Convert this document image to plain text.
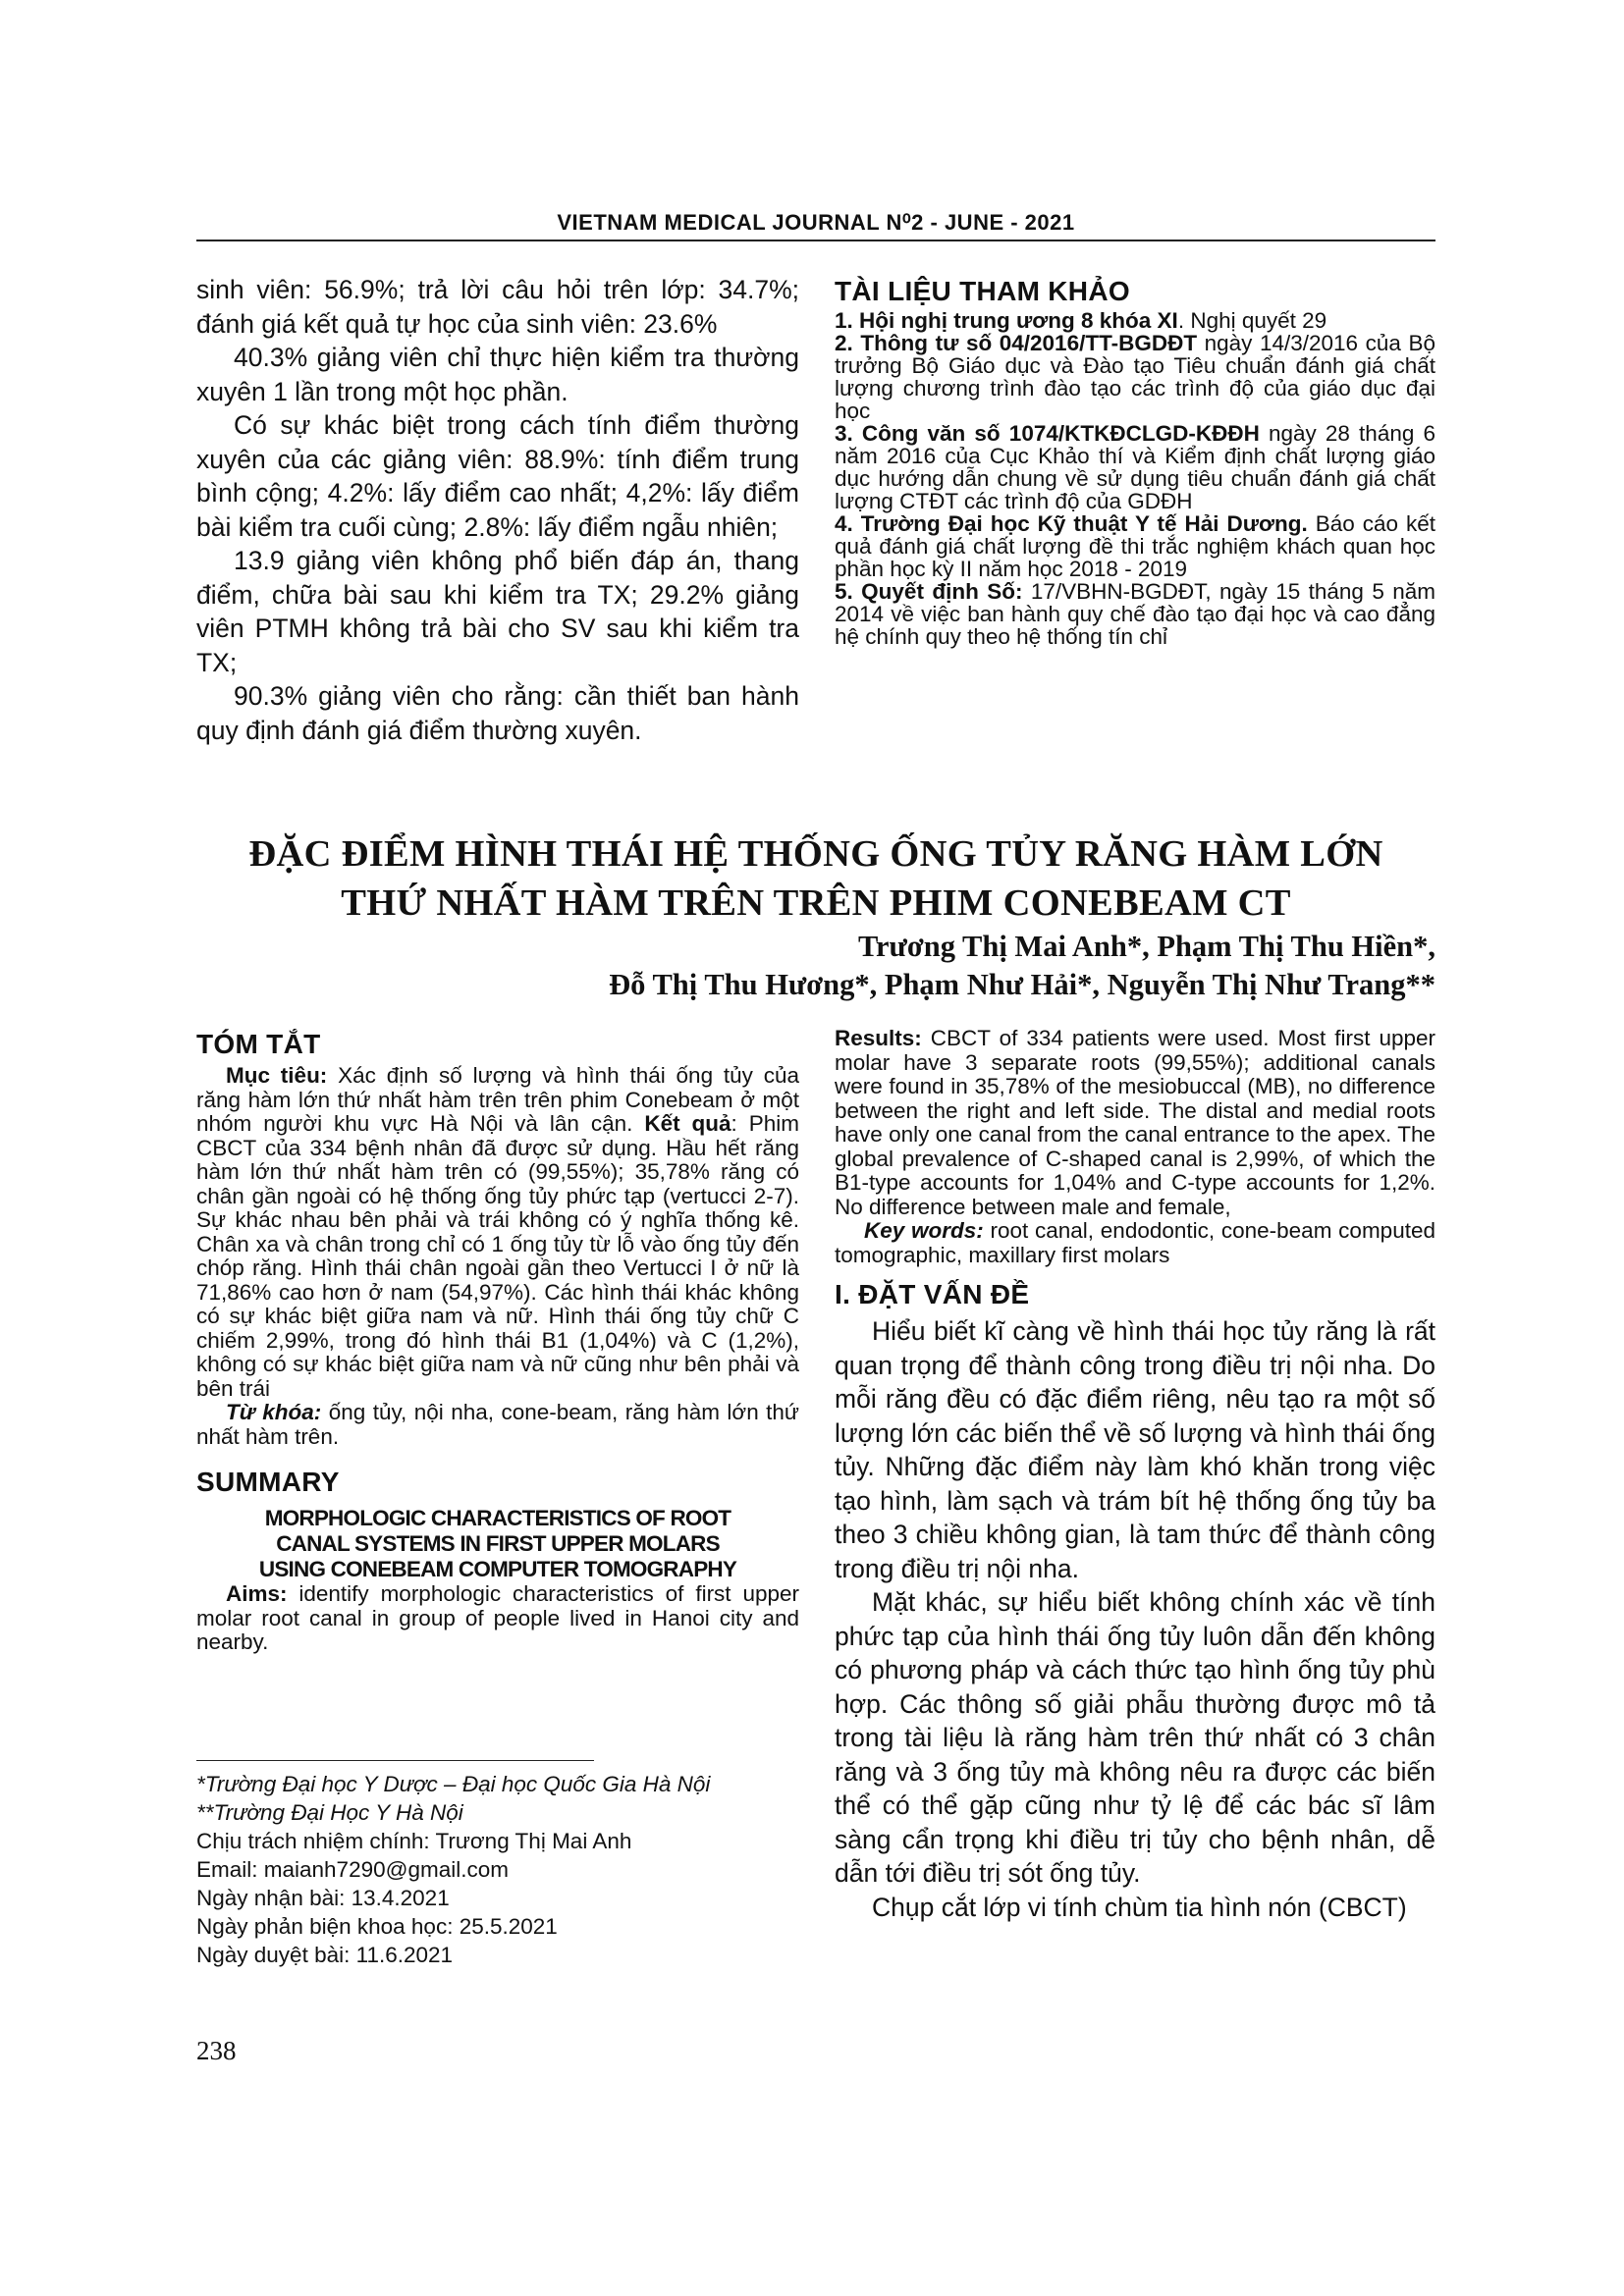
VIETNAM MEDICAL JOURNAL N⁰2 - JUNE - 2021

sinh viên: 56.9%; trả lời câu hỏi trên lớp: 34.7%; đánh giá kết quả tự học của sinh viên: 23.6%

40.3% giảng viên chỉ thực hiện kiểm tra thường xuyên 1 lần trong một học phần.

Có sự khác biệt trong cách tính điểm thường xuyên của các giảng viên: 88.9%: tính điểm trung bình cộng; 4.2%: lấy điểm cao nhất; 4,2%: lấy điểm bài kiểm tra cuối cùng; 2.8%: lấy điểm ngẫu nhiên;

13.9 giảng viên không phổ biến đáp án, thang điểm, chữa bài sau khi kiểm tra TX; 29.2% giảng viên PTMH không trả bài cho SV sau khi kiểm tra TX;

90.3% giảng viên cho rằng: cần thiết ban hành quy định đánh giá điểm thường xuyên.

TÀI LIỆU THAM KHẢO

1. Hội nghị trung ương 8 khóa XI. Nghị quyết 29
2. Thông tư số 04/2016/TT-BGDĐT ngày 14/3/2016 của Bộ trưởng Bộ Giáo dục và Đào tạo Tiêu chuẩn đánh giá chất lượng chương trình đào tạo các trình độ của giáo dục đại học
3. Công văn số 1074/KTKĐCLGD-KĐĐH ngày 28 tháng 6 năm 2016 của Cục Khảo thí và Kiểm định chất lượng giáo dục hướng dẫn chung về sử dụng tiêu chuẩn đánh giá chất lượng CTĐT các trình độ của GDĐH
4. Trường Đại học Kỹ thuật Y tế Hải Dương. Báo cáo kết quả đánh giá chất lượng đề thi trắc nghiệm khách quan học phần học kỳ II năm học 2018 - 2019
5. Quyết định Số: 17/VBHN-BGDĐT, ngày 15 tháng 5 năm 2014 về việc ban hành quy chế đào tạo đại học và cao đẳng hệ chính quy theo hệ thống tín chỉ
ĐẶC ĐIỂM HÌNH THÁI HỆ THỐNG ỐNG TỦY RĂNG HÀM LỚN
THỨ NHẤT HÀM TRÊN TRÊN PHIM CONEBEAM CT
Trương Thị Mai Anh*, Phạm Thị Thu Hiền*,
Đỗ Thị Thu Hương*, Phạm Như Hải*, Nguyễn Thị Như Trang**

TÓM TẮT

Mục tiêu: Xác định số lượng và hình thái ống tủy của răng hàm lớn thứ nhất hàm trên trên phim Conebeam ở một nhóm người khu vực Hà Nội và lân cận. Kết quả: Phim CBCT của 334 bệnh nhân đã được sử dụng. Hầu hết răng hàm lớn thứ nhất hàm trên có (99,55%); 35,78% răng có chân gần ngoài có hệ thống ống tủy phức tạp (vertucci 2-7). Sự khác nhau bên phải và trái không có ý nghĩa thống kê. Chân xa và chân trong chỉ có 1 ống tủy từ lỗ vào ống tủy đến chóp răng. Hình thái chân ngoài gần theo Vertucci I ở nữ là 71,86% cao hơn ở nam (54,97%). Các hình thái khác không có sự khác biệt giữa nam và nữ. Hình thái ống tủy chữ C chiếm 2,99%, trong đó hình thái B1 (1,04%) và C (1,2%), không có sự khác biệt giữa nam và nữ cũng như bên phải và bên trái

Từ khóa: ống tủy, nội nha, cone-beam, răng hàm lớn thứ nhất hàm trên.

SUMMARY

MORPHOLOGIC CHARACTERISTICS OF ROOT
CANAL SYSTEMS IN FIRST UPPER MOLARS
USING CONEBEAM COMPUTER TOMOGRAPHY

Aims: identify morphologic characteristics of first upper molar root canal in group of people lived in Hanoi city and nearby.

Results: CBCT of 334 patients were used. Most first upper molar have 3 separate roots (99,55%); additional canals were found in 35,78% of the mesiobuccal (MB), no difference between the right and left side. The distal and medial roots have only one canal from the canal entrance to the apex. The global prevalence of C-shaped canal is 2,99%, of which the B1-type accounts for 1,04% and C-type accounts for 1,2%. No difference between male and female,

Key words: root canal, endodontic, cone-beam computed tomographic, maxillary first molars

I. ĐẶT VẤN ĐỀ

Hiểu biết kĩ càng về hình thái học tủy răng là rất quan trọng để thành công trong điều trị nội nha. Do mỗi răng đều có đặc điểm riêng, nêu tạo ra một số lượng lớn các biến thể về số lượng và hình thái ống tủy. Những đặc điểm này làm khó khăn trong việc tạo hình, làm sạch và trám bít hệ thống ống tủy ba theo 3 chiều không gian, là tam thức để thành công trong điều trị nội nha.

Mặt khác, sự hiểu biết không chính xác về tính phức tạp của hình thái ống tủy luôn dẫn đến không có phương pháp và cách thức tạo hình ống tủy phù hợp. Các thông số giải phẫu thường được mô tả trong tài liệu là răng hàm trên thứ nhất có 3 chân răng và 3 ống tủy mà không nêu ra được các biến thể có thể gặp cũng như tỷ lệ để các bác sĩ lâm sàng cẩn trọng khi điều trị tủy cho bệnh nhân, dễ dẫn tới điều trị sót ống tủy.

Chụp cắt lớp vi tính chùm tia hình nón (CBCT)

*Trường Đại học Y Dược – Đại học Quốc Gia Hà Nội
**Trường Đại Học Y Hà Nội
Chịu trách nhiệm chính: Trương Thị Mai Anh
Email: maianh7290@gmail.com
Ngày nhận bài: 13.4.2021
Ngày phản biện khoa học: 25.5.2021
Ngày duyệt bài: 11.6.2021
238
